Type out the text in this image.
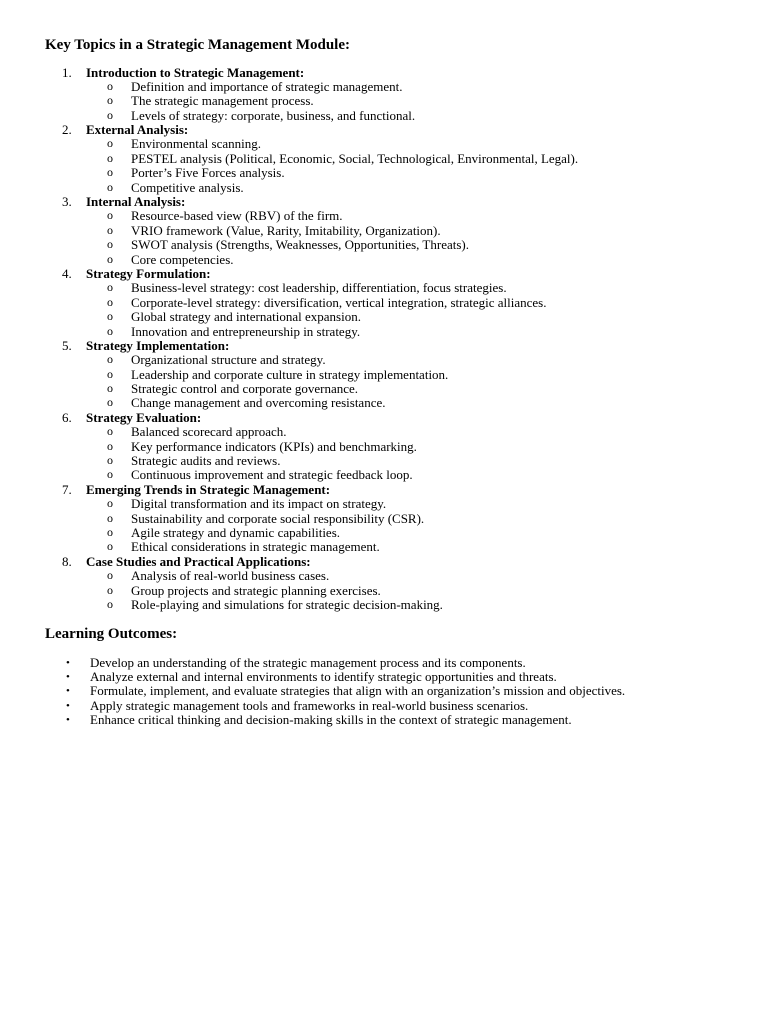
Key Topics in a Strategic Management Module:
1. Introduction to Strategic Management:
o Definition and importance of strategic management.
o The strategic management process.
o Levels of strategy: corporate, business, and functional.
2. External Analysis:
o Environmental scanning.
o PESTEL analysis (Political, Economic, Social, Technological, Environmental, Legal).
o Porter’s Five Forces analysis.
o Competitive analysis.
3. Internal Analysis:
o Resource-based view (RBV) of the firm.
o VRIO framework (Value, Rarity, Imitability, Organization).
o SWOT analysis (Strengths, Weaknesses, Opportunities, Threats).
o Core competencies.
4. Strategy Formulation:
o Business-level strategy: cost leadership, differentiation, focus strategies.
o Corporate-level strategy: diversification, vertical integration, strategic alliances.
o Global strategy and international expansion.
o Innovation and entrepreneurship in strategy.
5. Strategy Implementation:
o Organizational structure and strategy.
o Leadership and corporate culture in strategy implementation.
o Strategic control and corporate governance.
o Change management and overcoming resistance.
6. Strategy Evaluation:
o Balanced scorecard approach.
o Key performance indicators (KPIs) and benchmarking.
o Strategic audits and reviews.
o Continuous improvement and strategic feedback loop.
7. Emerging Trends in Strategic Management:
o Digital transformation and its impact on strategy.
o Sustainability and corporate social responsibility (CSR).
o Agile strategy and dynamic capabilities.
o Ethical considerations in strategic management.
8. Case Studies and Practical Applications:
o Analysis of real-world business cases.
o Group projects and strategic planning exercises.
o Role-playing and simulations for strategic decision-making.
Learning Outcomes:
• Develop an understanding of the strategic management process and its components.
• Analyze external and internal environments to identify strategic opportunities and threats.
• Formulate, implement, and evaluate strategies that align with an organization’s mission and objectives.
• Apply strategic management tools and frameworks in real-world business scenarios.
• Enhance critical thinking and decision-making skills in the context of strategic management.
